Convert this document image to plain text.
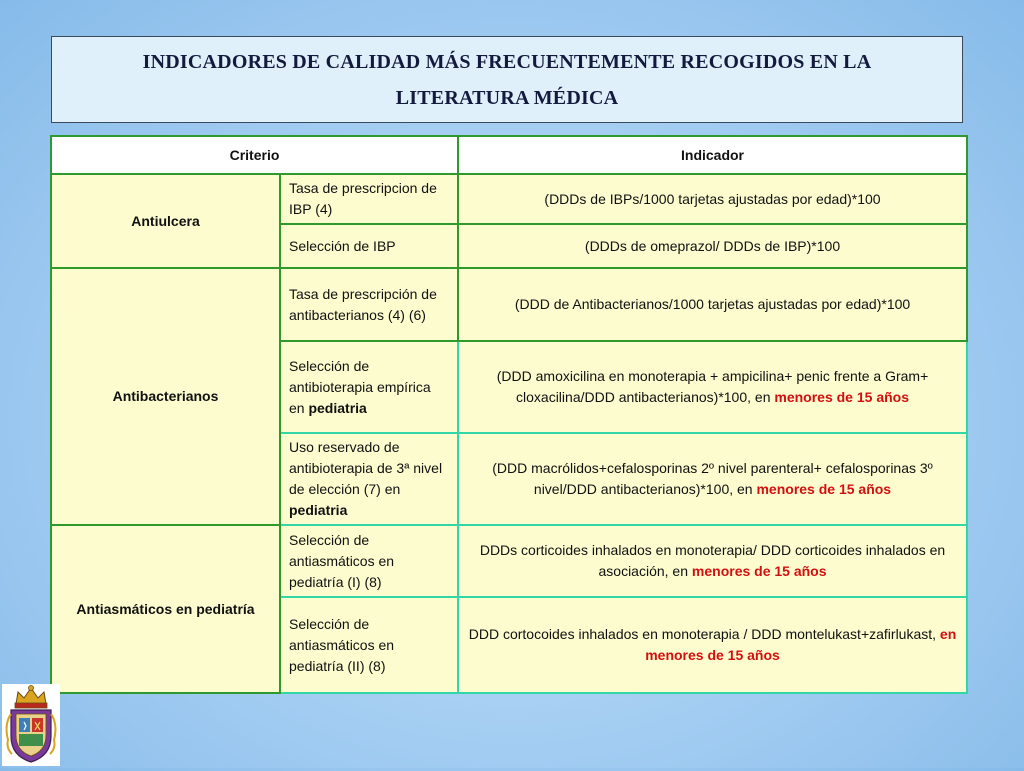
INDICADORES DE CALIDAD MÁS FRECUENTEMENTE RECOGIDOS EN LA LITERATURA MÉDICA
Criterio		Indicador
Antiulcera	Tasa de prescripcion de IBP (4)	(DDDs de IBPs/1000 tarjetas ajustadas por edad)*100
	Selección de IBP	(DDDs de omeprazol/ DDDs de IBP)*100
Antibacterianos	Tasa de prescripción de antibacterianos (4) (6)	(DDD de Antibacterianos/1000 tarjetas ajustadas por edad)*100
	Selección de antibioterapia empírica en pediatria	(DDD amoxicilina en monoterapia + ampicilina+ penic frente a Gram+ cloxacilina/DDD antibacterianos)*100, en menores de 15 años
	Uso reservado de antibioterapia de 3ª nivel de elección (7) en pediatria	(DDD macrólidos+cefalosporinas 2º nivel parenteral+ cefalosporinas 3º nivel/DDD antibacterianos)*100, en menores de 15 años
Antiasmáticos en pediatría	Selección de antiasmáticos en pediatría (I) (8)	DDDs corticoides inhalados en monoterapia/ DDD corticoides inhalados en asociación, en menores de 15 años
	Selección de antiasmáticos en pediatría (II) (8)	DDD cortocoides inhalados en monoterapia / DDD montelukast+zafirlukast, en menores de 15 años
